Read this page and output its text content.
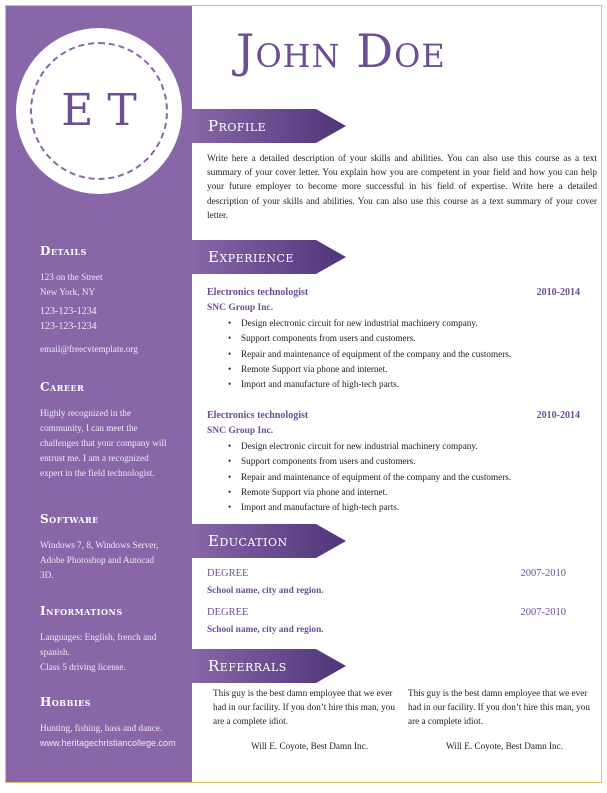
ET
Details
123 on the Street
New York, NY
123-123-1234
123-123-1234
email@freecvtemplate.org
Career
Highly recognized in the community, I can meet the challenges that your company will entrust me. I am a recognized expert in the field technologist.
Software
Windows 7, 8, Windows Server, Adobe Photoshop and Autocad 3D.
Informations
Languages: English, french and spanish.
Class 5 driving license.
Hobbies
Hunting, fishing, bass and dance.
www.heritagechristiancollege.com
John Doe
Profile
Write here a detailed description of your skills and abilities. You can also use this course as a text summary of your cover letter. You explain how you are competent in your field and how you can help your future employer to become more successful in his field of expertise. Write here a detailed description of your skills and abilities. You can also use this course as a text summary of your cover letter.
Experience
Electronics technologist	2010-2014
SNC Group Inc.
• Design electronic circuit for new industrial machinery company.
• Support components from users and customers.
• Repair and maintenance of equipment of the company and the customers.
• Remote Support via phone and internet.
• Import and manufacture of high-tech parts.
Electronics technologist	2010-2014
SNC Group Inc.
• Design electronic circuit for new industrial machinery company.
• Support components from users and customers.
• Repair and maintenance of equipment of the company and the customers.
• Remote Support via phone and internet.
• Import and manufacture of high-tech parts.
Education
DEGREE	2007-2010
School name, city and region.
DEGREE	2007-2010
School name, city and region.
Referrals
This guy is the best damn employee that we ever had in our facility. If you don’t hire this man, you are a complete idiot.
This guy is the best damn employee that we ever had in our facility. If you don’t hire this man, you are a complete idiot.
Will E. Coyote, Best Damn Inc.	Will E. Coyote, Best Damn Inc.
